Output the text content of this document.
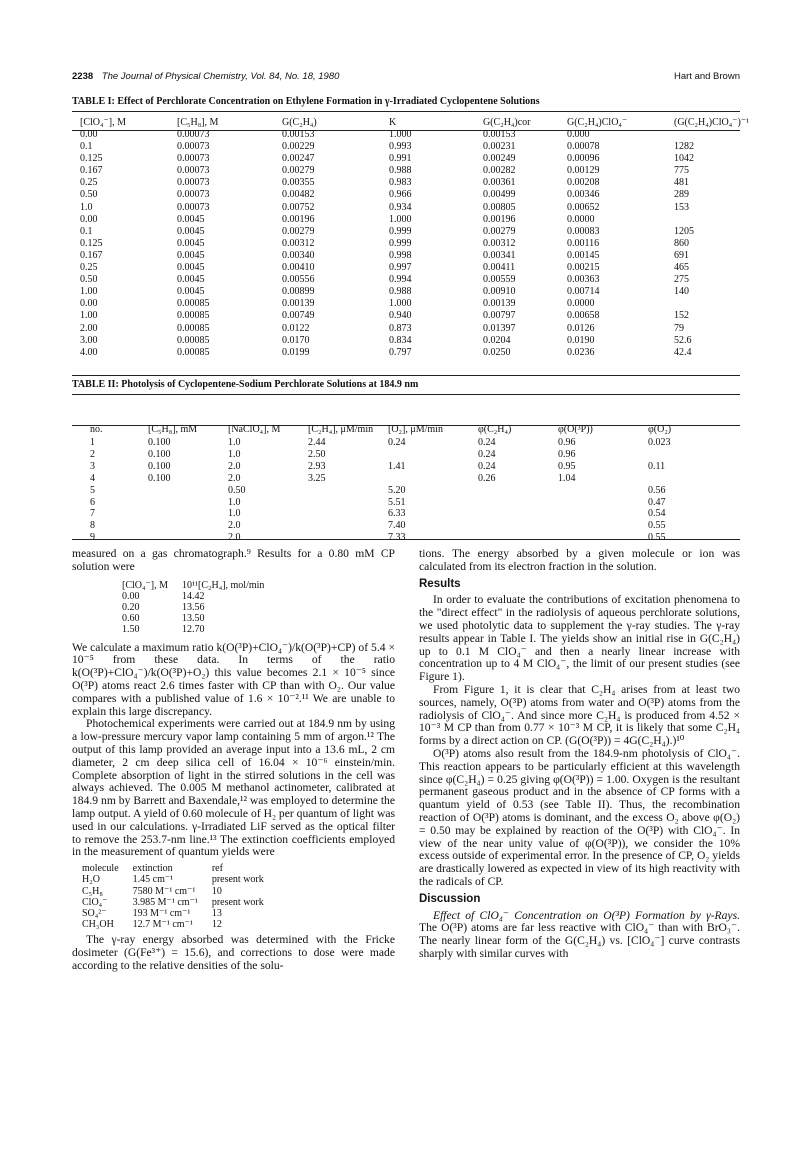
2238 The Journal of Physical Chemistry, Vol. 84, No. 18, 1980	Hart and Brown
TABLE I: Effect of Perchlorate Concentration on Ethylene Formation in γ-Irradiated Cyclopentene Solutions
[ClO₄⁻], M	[C₅H₈], M	G(C₂H₄)	K	G(C₂H₄)cor	G(C₂H₄)ClO₄⁻	(G(C₂H₄)ClO₄⁻)⁻¹
0.00	0.00073	0.00153	1.000	0.00153	0.000	
0.1	0.00073	0.00229	0.993	0.00231	0.00078	1282
0.125	0.00073	0.00247	0.991	0.00249	0.00096	1042
0.167	0.00073	0.00279	0.988	0.00282	0.00129	775
0.25	0.00073	0.00355	0.983	0.00361	0.00208	481
0.50	0.00073	0.00482	0.966	0.00499	0.00346	289
1.0	0.00073	0.00752	0.934	0.00805	0.00652	153
0.00	0.0045	0.00196	1.000	0.00196	0.0000	
0.1	0.0045	0.00279	0.999	0.00279	0.00083	1205
0.125	0.0045	0.00312	0.999	0.00312	0.00116	860
0.167	0.0045	0.00340	0.998	0.00341	0.00145	691
0.25	0.0045	0.00410	0.997	0.00411	0.00215	465
0.50	0.0045	0.00556	0.994	0.00559	0.00363	275
1.00	0.0045	0.00899	0.988	0.00910	0.00714	140
0.00	0.00085	0.00139	1.000	0.00139	0.0000	
1.00	0.00085	0.00749	0.940	0.00797	0.00658	152
2.00	0.00085	0.0122	0.873	0.01397	0.0126	79
3.00	0.00085	0.0170	0.834	0.0204	0.0190	52.6
4.00	0.00085	0.0199	0.797	0.0250	0.0236	42.4
TABLE II: Photolysis of Cyclopentene-Sodium Perchlorate Solutions at 184.9 nm
no.	[C₅H₈], mM	[NaClO₄], M	[C₂H₄], μM/min	[O₂], μM/min	φ(C₂H₄)	φ(O(³P))	φ(O₂)
1	0.100	1.0	2.44	0.24	0.24	0.96	0.023
2	0.100	1.0	2.50		0.24	0.96	
3	0.100	2.0	2.93	1.41	0.24	0.95	0.11
4	0.100	2.0	3.25		0.26	1.04	
5		0.50		5.20			0.56
6		1.0		5.51			0.47
7		1.0		6.33			0.54
8		2.0		7.40			0.55
9		2.0		7.33			0.55

measured on a gas chromatograph.⁹ Results for a 0.80 mM CP solution were

[ClO₄⁻], M	10¹¹[C₂H₄], mol/min
0.00	14.42
0.20	13.56
0.60	13.50
1.50	12.70

We calculate a maximum ratio k(O(³P)+ClO₄⁻)/k(O(³P)+CP) of 5.4 × 10⁻⁵ from these data. In terms of the ratio k(O(³P)+ClO₄⁻)/k(O(³P)+O₂) this value becomes 2.1 × 10⁻⁵ since O(³P) atoms react 2.6 times faster with CP than with O₂. Our value compares with a published value of 1.6 × 10⁻².¹¹ We are unable to explain this large discrepancy.

Photochemical experiments were carried out at 184.9 nm by using a low-pressure mercury vapor lamp containing 5 mm of argon.¹² The output of this lamp provided an average input into a 13.6 mL, 2 cm diameter, 2 cm deep silica cell of 16.04 × 10⁻⁶ einstein/min. Complete absorption of light in the stirred solutions in the cell was always achieved. The 0.005 M methanol actinometer, calibrated at 184.9 nm by Barrett and Baxendale,¹² was employed to determine the lamp output. A yield of 0.60 molecule of H₂ per quantum of light was used in our calculations. γ-Irradiated LiF served as the optical filter to remove the 253.7-nm line.¹³ The extinction coefficients employed in the measurement of quantum yields were

molecule	extinction	ref
H₂O	1.45 cm⁻¹	present work
C₅H₈	7580 M⁻¹ cm⁻¹	10
ClO₄⁻	3.985 M⁻¹ cm⁻¹	present work
SO₄²⁻	193 M⁻¹ cm⁻¹	13
CH₃OH	12.7 M⁻¹ cm⁻¹	12

The γ-ray energy absorbed was determined with the Fricke dosimeter (G(Fe³⁺) = 15.6), and corrections to dose were made according to the relative densities of the solu-

tions. The energy absorbed by a given molecule or ion was calculated from its electron fraction in the solution.

Results

In order to evaluate the contributions of excitation phenomena to the "direct effect" in the radiolysis of aqueous perchlorate solutions, we used photolytic data to supplement the γ-ray studies. The γ-ray results appear in Table I. The yields show an initial rise in G(C₂H₄) up to 0.1 M ClO₄⁻ and then a nearly linear increase with concentration up to 4 M ClO₄⁻, the limit of our present studies (see Figure 1).

From Figure 1, it is clear that C₂H₄ arises from at least two sources, namely, O(³P) atoms from water and O(³P) atoms from the radiolysis of ClO₄⁻. And since more C₂H₄ is produced from 4.52 × 10⁻³ M CP than from 0.77 × 10⁻³ M CP, it is likely that some C₂H₄ forms by a direct action on CP. (G(O(³P)) = 4G(C₂H₄).)¹⁰

O(³P) atoms also result from the 184.9-nm photolysis of ClO₄⁻. This reaction appears to be particularly efficient at this wavelength since φ(C₂H₄) = 0.25 giving φ(O(³P)) = 1.00. Oxygen is the resultant permanent gaseous product and in the absence of CP forms with a quantum yield of 0.53 (see Table II). Thus, the recombination reaction of O(³P) atoms is dominant, and the excess O₂ above φ(O₂) = 0.50 may be explained by reaction of the O(³P) with ClO₄⁻. In view of the near unity value of φ(O(³P)), we consider the 10% excess outside of experimental error. In the presence of CP, O₂ yields are drastically lowered as expected in view of its high reactivity with the radicals of CP.

Discussion

Effect of ClO₄⁻ Concentration on O(³P) Formation by γ-Rays. The O(³P) atoms are far less reactive with ClO₄⁻ than with BrO₃⁻. The nearly linear form of the G(C₂H₄) vs. [ClO₄⁻] curve contrasts sharply with similar curves with
